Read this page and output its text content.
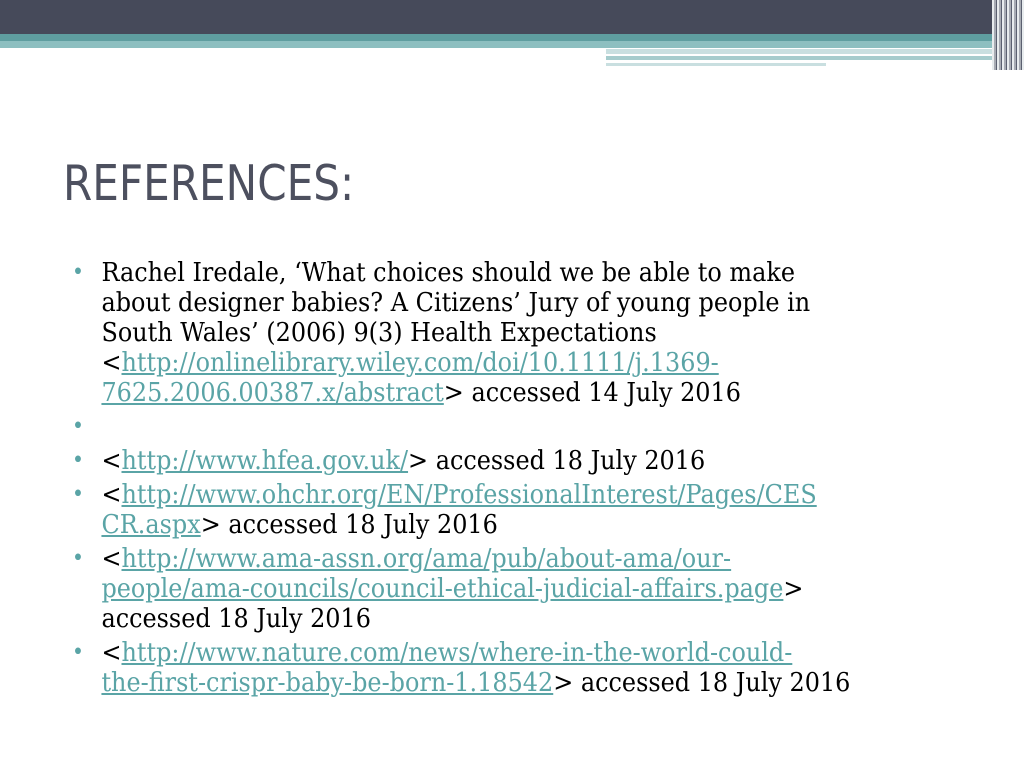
REFERENCES:
• Rachel Iredale, ‘What choices should we be able to make
about designer babies? A Citizens’ Jury of young people in
South Wales’ (2006) 9(3) Health Expectations
<http://onlinelibrary.wiley.com/doi/10.1111/j.1369-
7625.2006.00387.x/abstract> accessed 14 July 2016
•

• <http://www.hfea.gov.uk/> accessed 18 July 2016
• <http://www.ohchr.org/EN/ProfessionalInterest/Pages/CES
CR.aspx> accessed 18 July 2016
• <http://www.ama-assn.org/ama/pub/about-ama/our-
people/ama-councils/council-ethical-judicial-affairs.page>
accessed 18 July 2016
• <http://www.nature.com/news/where-in-the-world-could-
the-first-crispr-baby-be-born-1.18542> accessed 18 July 2016
